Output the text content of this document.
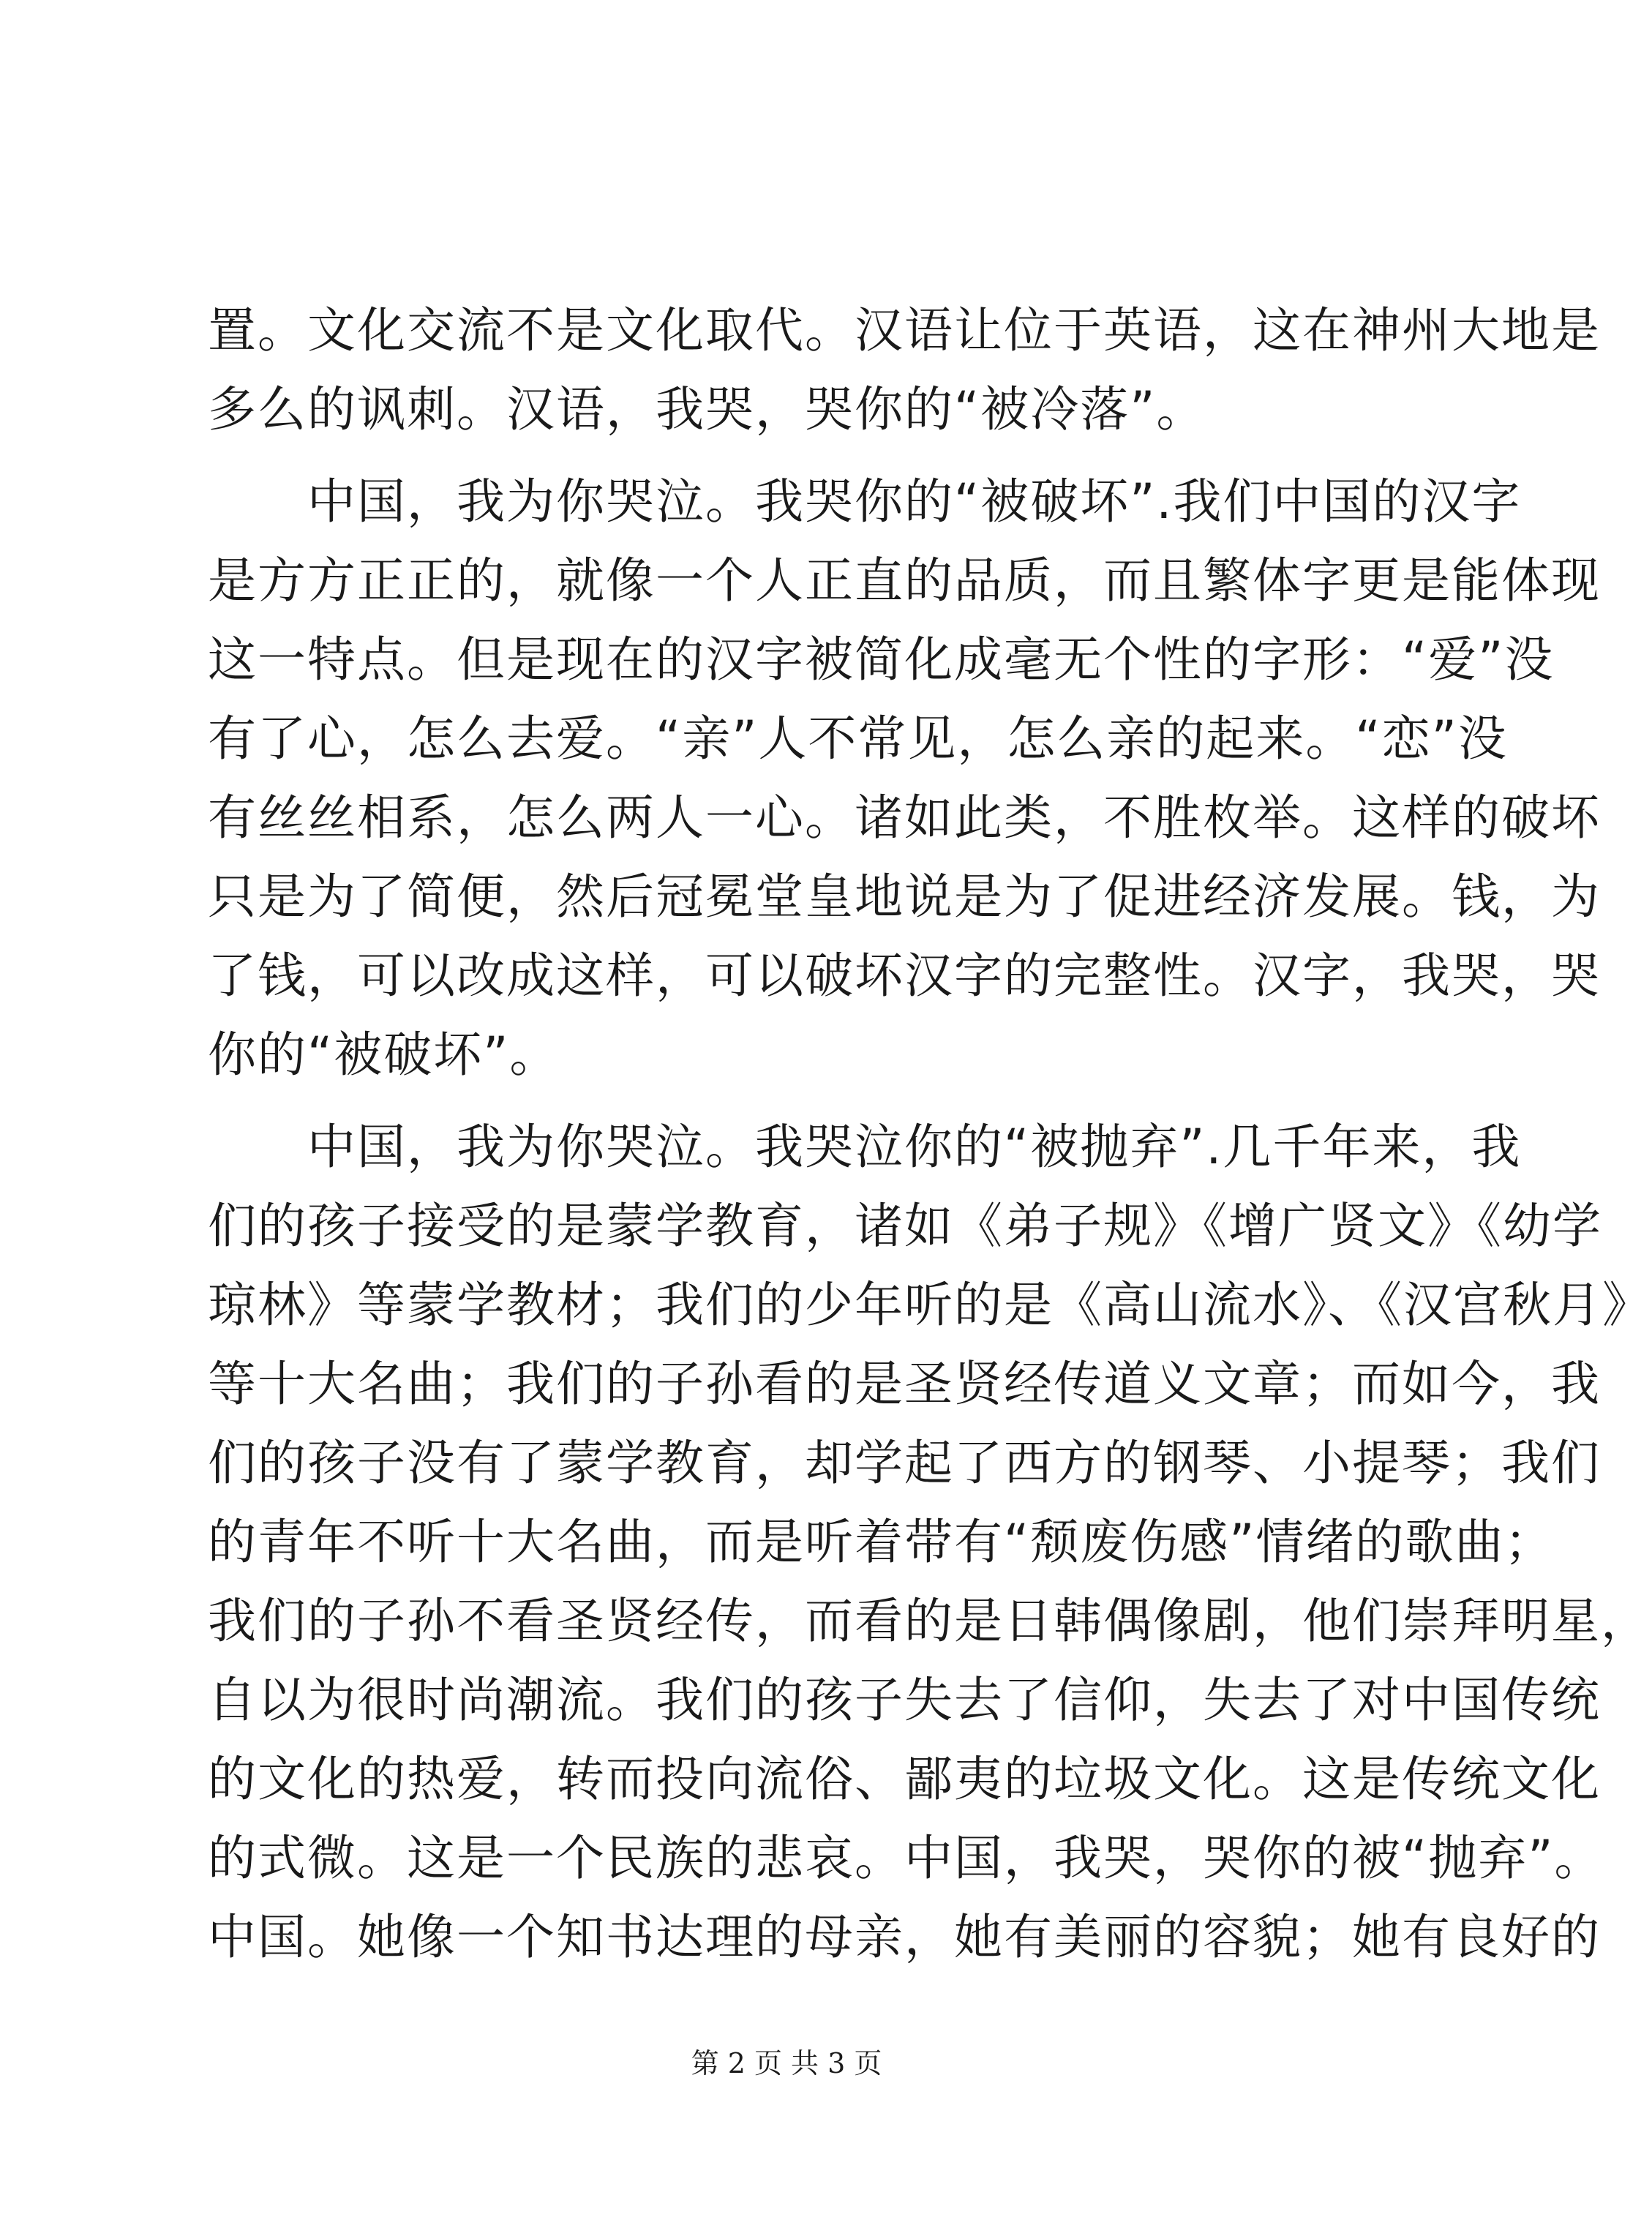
置。文化交流不是文化取代。汉语让位于英语，这在神州大地是
多么的讽刺。汉语，我哭，哭你的“被冷落”。
　　中国，我为你哭泣。我哭你的“被破坏”.我们中国的汉字
是方方正正的，就像一个人正直的品质，而且繁体字更是能体现
这一特点。但是现在的汉字被简化成毫无个性的字形：“爱”没
有了心，怎么去爱。“亲”人不常见，怎么亲的起来。“恋”没
有丝丝相系，怎么两人一心。诸如此类，不胜枚举。这样的破坏
只是为了简便，然后冠冕堂皇地说是为了促进经济发展。钱，为
了钱，可以改成这样，可以破坏汉字的完整性。汉字，我哭，哭
你的“被破坏”。
　　中国，我为你哭泣。我哭泣你的“被抛弃”.几千年来，我
们的孩子接受的是蒙学教育，诸如《弟子规》《增广贤文》《幼学
琼林》等蒙学教材；我们的少年听的是《高山流水》、《汉宫秋月》
等十大名曲；我们的子孙看的是圣贤经传道义文章；而如今，我
们的孩子没有了蒙学教育，却学起了西方的钢琴、小提琴；我们
的青年不听十大名曲，而是听着带有“颓废伤感”情绪的歌曲；
我们的子孙不看圣贤经传，而看的是日韩偶像剧，他们崇拜明星，
自以为很时尚潮流。我们的孩子失去了信仰，失去了对中国传统
的文化的热爱，转而投向流俗、鄙夷的垃圾文化。这是传统文化
的式微。这是一个民族的悲哀。中国，我哭，哭你的被“抛弃”。
中国。她像一个知书达理的母亲，她有美丽的容貌；她有良好的
第 2 页 共 3 页
